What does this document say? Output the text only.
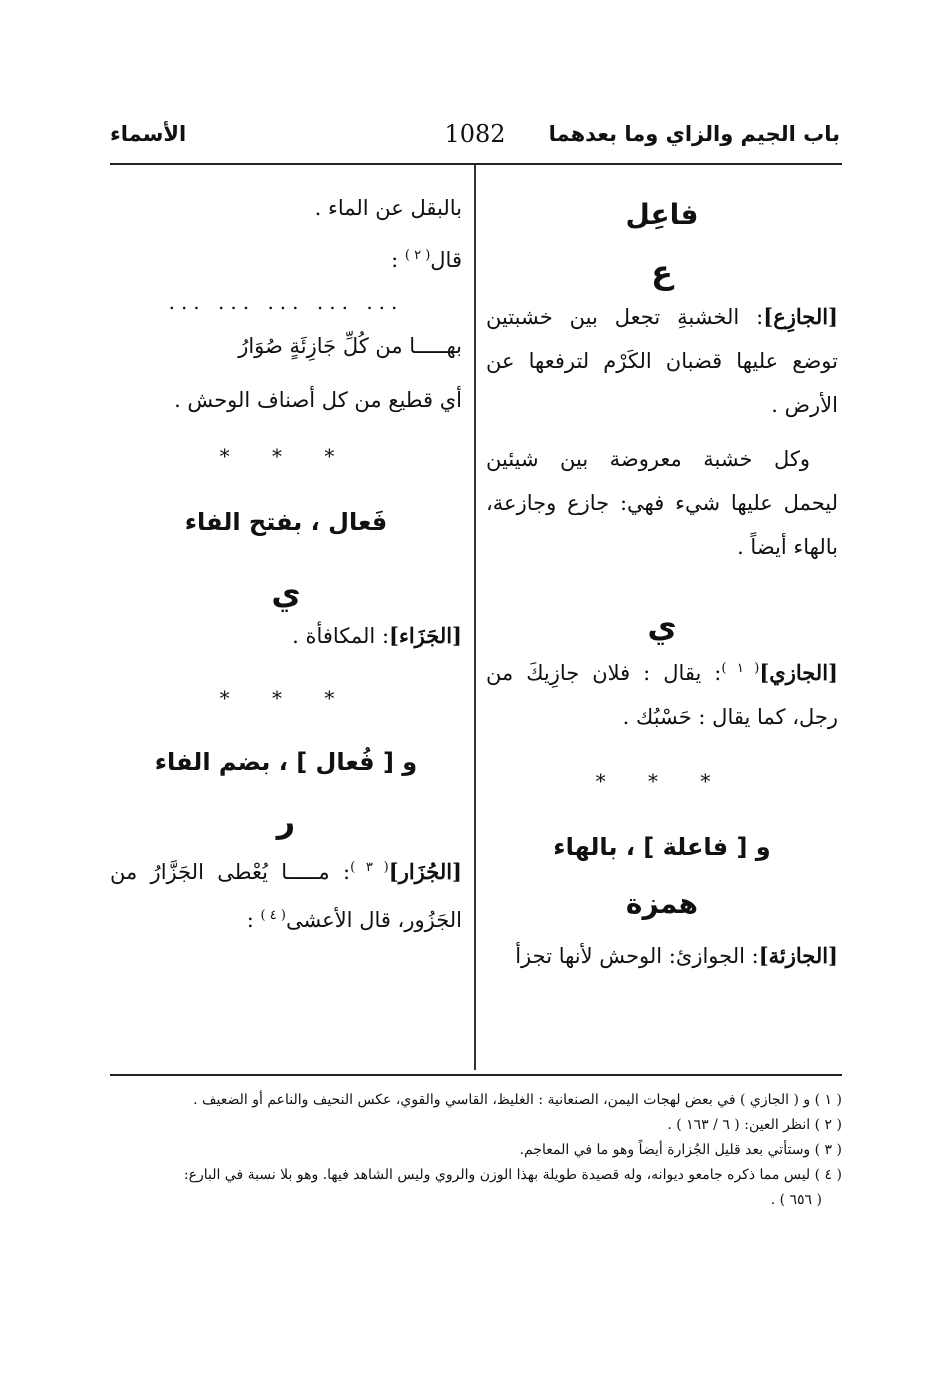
باب الجيم والزاي وما بعدهما
1082
الأسماء

فاعِل

ع

[الجازِع]: الخشبةِ تجعل بين خشبتين توضع عليها قضبان الكَرْم لترفعها عن الأرض .

وكل خشبة معروضة بين شيئين ليحمل عليها شيء فهي: جازع وجازعة، بالهاء أيضاً .

ي

[الجازي]$^{( ١ )}$: يقال : فلان جازِيكَ من رجل، كما يقال : حَسْبُك .

* * *

و [ فاعلة ] ، بالهاء

همزة

[الجازئة]: الجوازئ: الوحش لأنها تجزأ

بالبقل عن الماء .

قال$^{( ٢ )}$ :

... ... ... ... ...

بهـــــا من كُلِّ جَازِئَةٍ صُوَارُ

أي قطيع من كل أصناف الوحش .

* * *

فَعال ، بفتح الفاء

ي

[الجَزَاء]: المكافأة .

* * *

و [ فُعال ] ، بضم الفاء

ر

[الجُزَار]$^{( ٣ )}$: مـــــا يُعْطى الجَزَّارُ من الجَزُور، قال الأعشى$^{( ٤ )}$ :

( ١ ) و ( الجازي ) في بعض لهجات اليمن، الصنعانية : الغليظ، القاسي والقوي، عكس النحيف والناعم أو الضعيف .

( ٢ ) انظر العين: ( ٦ / ١٦٣ ) .

( ٣ ) وستأتي بعد قليل الجُزارة أيضاً وهو ما في المعاجم.

( ٤ ) ليس مما ذكره جامعو ديوانه، وله قصيدة طويلة بهذا الوزن والروي وليس الشاهد فيها. وهو بلا نسبة في البارع:

( ٦٥٦ ) .
